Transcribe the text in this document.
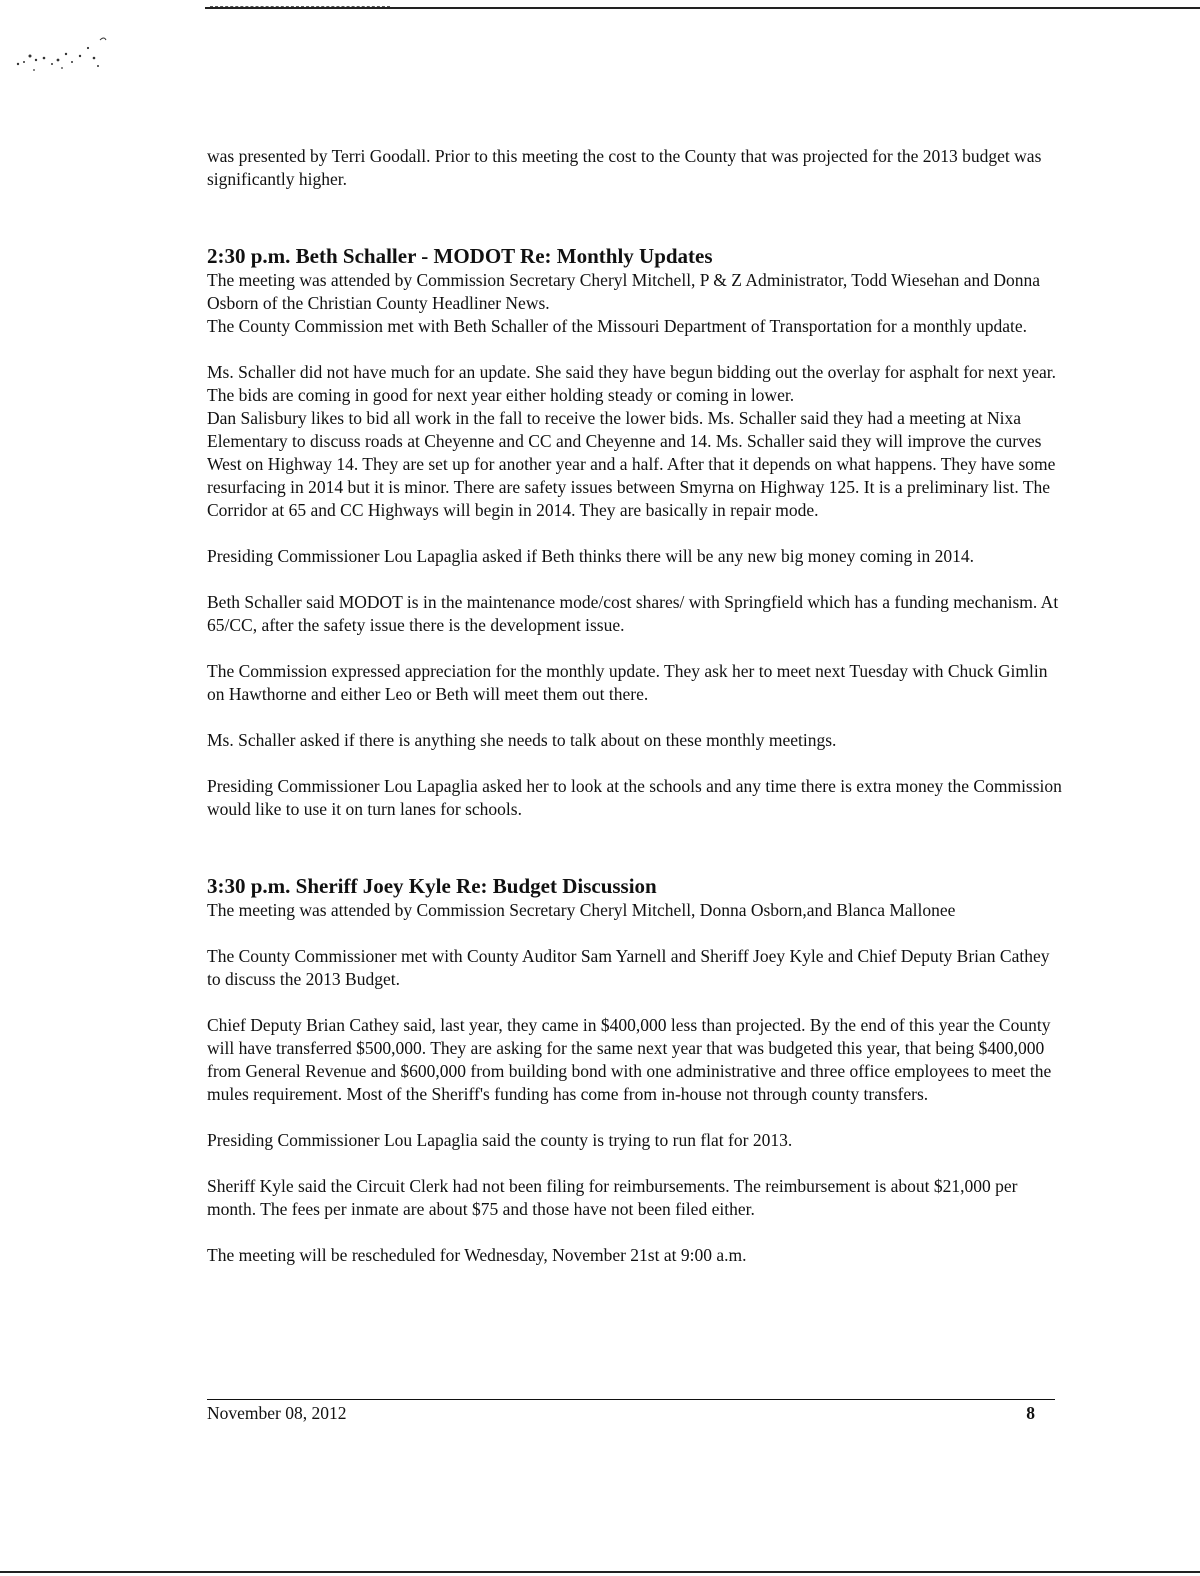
was presented by Terri Goodall. Prior to this meeting the cost to the County that was projected for the 2013 budget was significantly higher.

2:30 p.m. Beth Schaller - MODOT Re: Monthly Updates

The meeting was attended by Commission Secretary Cheryl Mitchell, P & Z Administrator, Todd Wiesehan and Donna Osborn of the Christian County Headliner News.

The County Commission met with Beth Schaller of the Missouri Department of Transportation for a monthly update.

Ms. Schaller did not have much for an update. She said they have begun bidding out the overlay for asphalt for next year. The bids are coming in good for next year either holding steady or coming in lower.

Dan Salisbury likes to bid all work in the fall to receive the lower bids. Ms. Schaller said they had a meeting at Nixa Elementary to discuss roads at Cheyenne and CC and Cheyenne and 14. Ms. Schaller said they will improve the curves West on Highway 14. They are set up for another year and a half. After that it depends on what happens. They have some resurfacing in 2014 but it is minor. There are safety issues between Smyrna on Highway 125. It is a preliminary list. The Corridor at 65 and CC Highways will begin in 2014. They are basically in repair mode.

Presiding Commissioner Lou Lapaglia asked if Beth thinks there will be any new big money coming in 2014.

Beth Schaller said MODOT is in the maintenance mode/cost shares/ with Springfield which has a funding mechanism. At 65/CC, after the safety issue there is the development issue.

The Commission expressed appreciation for the monthly update. They ask her to meet next Tuesday with Chuck Gimlin on Hawthorne and either Leo or Beth will meet them out there.

Ms. Schaller asked if there is anything she needs to talk about on these monthly meetings.

Presiding Commissioner Lou Lapaglia asked her to look at the schools and any time there is extra money the Commission would like to use it on turn lanes for schools.

3:30 p.m. Sheriff Joey Kyle Re: Budget Discussion

The meeting was attended by Commission Secretary Cheryl Mitchell, Donna Osborn,and Blanca Mallonee

The County Commissioner met with County Auditor Sam Yarnell and Sheriff Joey Kyle and Chief Deputy Brian Cathey to discuss the 2013 Budget.

Chief Deputy Brian Cathey said, last year, they came in $400,000 less than projected. By the end of this year the County will have transferred $500,000. They are asking for the same next year that was budgeted this year, that being $400,000 from General Revenue and $600,000 from building bond with one administrative and three office employees to meet the mules requirement. Most of the Sheriff's funding has come from in-house not through county transfers.

Presiding Commissioner Lou Lapaglia said the county is trying to run flat for 2013.

Sheriff Kyle said the Circuit Clerk had not been filing for reimbursements. The reimbursement is about $21,000 per month. The fees per inmate are about $75 and those have not been filed either.

The meeting will be rescheduled for Wednesday, November 21st at 9:00 a.m.

November 08, 2012	8
